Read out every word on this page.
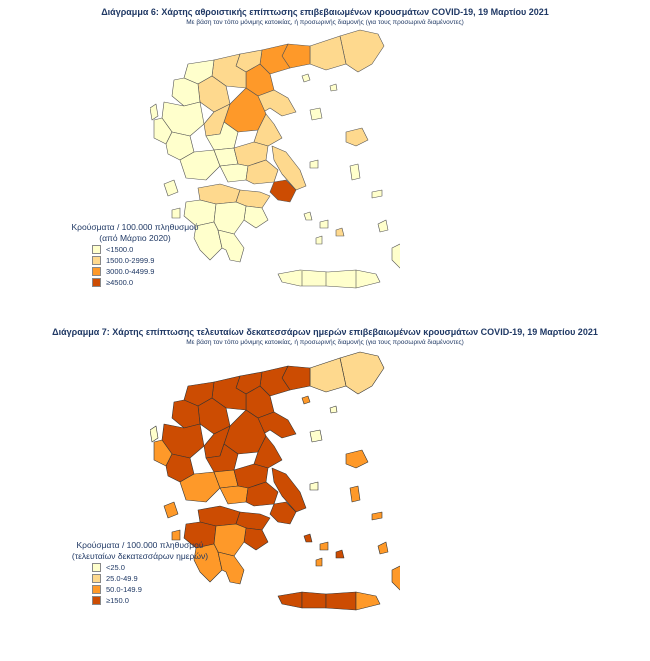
Διάγραμμα 6: Χάρτης αθροιστικής επίπτωσης επιβεβαιωμένων κρουσμάτων COVID-19, 19 Μαρτίου 2021
Με βάση τον τόπο μόνιμης κατοικίας, ή προσωρινής διαμονής (για τους προσωρινά διαμένοντες)
Κρούσματα / 100.000 πληθυσμού
(από Μάρτιο 2020)
<1500.0
1500.0-2999.9
3000.0-4499.9
≥4500.0
Διάγραμμα 7: Χάρτης επίπτωσης τελευταίων δεκατεσσάρων ημερών επιβεβαιωμένων κρουσμάτων COVID-19, 19 Μαρτίου 2021
Με βάση τον τόπο μόνιμης κατοικίας, ή προσωρινής διαμονής (για τους προσωρινά διαμένοντες)
Κρούσματα / 100.000 πληθυσμού
(τελευταίων δεκατεσσάρων ημερών)
<25.0
25.0-49.9
50.0-149.9
≥150.0
